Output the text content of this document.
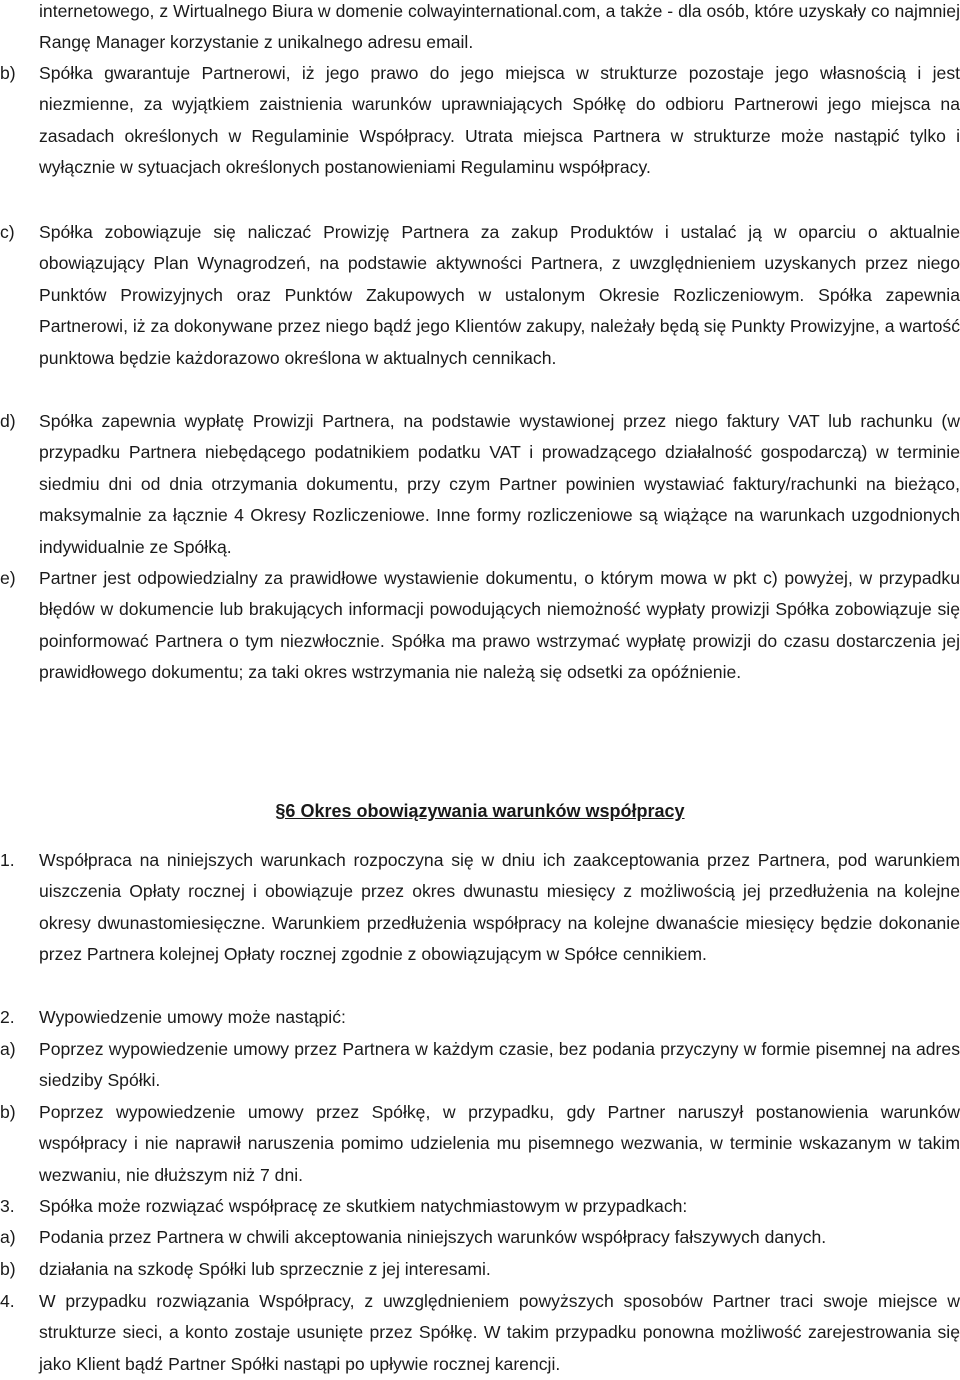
internetowego, z Wirtualnego Biura w domenie colwayinternational.com, a także - dla osób, które uzyskały co najmniej Rangę Manager korzystanie z unikalnego adresu email.
b)	Spółka gwarantuje Partnerowi, iż jego prawo do jego miejsca w strukturze pozostaje jego własnością i jest niezmienne, za wyjątkiem zaistnienia warunków uprawniających Spółkę do odbioru Partnerowi jego miejsca na zasadach określonych w Regulaminie Współpracy. Utrata miejsca Partnera w strukturze może nastąpić tylko i wyłącznie w sytuacjach określonych postanowieniami Regulaminu współpracy.
c)	Spółka zobowiązuje się naliczać Prowizję Partnera za zakup Produktów i ustalać ją w oparciu o aktualnie obowiązujący Plan Wynagrodzeń, na podstawie aktywności Partnera, z uwzględnieniem uzyskanych przez niego Punktów Prowizyjnych oraz Punktów Zakupowych w ustalonym Okresie Rozliczeniowym. Spółka zapewnia Partnerowi, iż za dokonywane przez niego bądź jego Klientów zakupy, należały będą się Punkty Prowizyjne, a wartość punktowa będzie każdorazowo określona w aktualnych cennikach.
d)	Spółka zapewnia wypłatę Prowizji Partnera, na podstawie wystawionej przez niego faktury VAT lub rachunku (w przypadku Partnera niebędącego podatnikiem podatku VAT i prowadzącego działalność gospodarczą) w terminie siedmiu dni od dnia otrzymania dokumentu, przy czym Partner powinien wystawiać faktury/rachunki na bieżąco, maksymalnie za łącznie 4 Okresy Rozliczeniowe. Inne formy rozliczeniowe są wiążące na warunkach uzgodnionych indywidualnie ze Spółką.
e)	Partner jest odpowiedzialny za prawidłowe wystawienie dokumentu, o którym mowa w pkt c) powyżej, w przypadku błędów w dokumencie lub brakujących informacji powodujących niemożność wypłaty prowizji Spółka zobowiązuje się poinformować Partnera o tym niezwłocznie. Spółka ma prawo wstrzymać wypłatę prowizji do czasu dostarczenia jej prawidłowego dokumentu; za taki okres wstrzymania nie należą się odsetki za opóźnienie.
§6 Okres obowiązywania warunków współpracy
1.	Współpraca na niniejszych warunkach rozpoczyna się w dniu ich zaakceptowania przez Partnera, pod warunkiem uiszczenia Opłaty rocznej i obowiązuje przez okres dwunastu miesięcy z możliwością jej przedłużenia na kolejne okresy dwunastomiesięczne. Warunkiem przedłużenia współpracy na kolejne dwanaście miesięcy będzie dokonanie przez Partnera kolejnej Opłaty rocznej zgodnie z obowiązującym w Spółce cennikiem.
2.	Wypowiedzenie umowy może nastąpić:
a)	Poprzez wypowiedzenie umowy przez Partnera w każdym czasie, bez podania przyczyny w formie pisemnej na adres siedziby Spółki.
b)	Poprzez wypowiedzenie umowy przez Spółkę, w przypadku, gdy Partner naruszył postanowienia warunków współpracy i nie naprawił naruszenia pomimo udzielenia mu pisemnego wezwania, w terminie wskazanym w takim wezwaniu, nie dłuższym niż 7 dni.
3.	Spółka może rozwiązać współpracę ze skutkiem natychmiastowym w przypadkach:
a)	Podania przez Partnera w chwili akceptowania niniejszych warunków współpracy fałszywych danych.
b)	działania na szkodę Spółki lub sprzecznie z jej interesami.
4.	W przypadku rozwiązania Współpracy, z uwzględnieniem powyższych sposobów Partner traci swoje miejsce w strukturze sieci, a konto zostaje usunięte przez Spółkę. W takim przypadku ponowna możliwość zarejestrowania się jako Klient bądź Partner Spółki nastąpi po upływie rocznej karencji.
